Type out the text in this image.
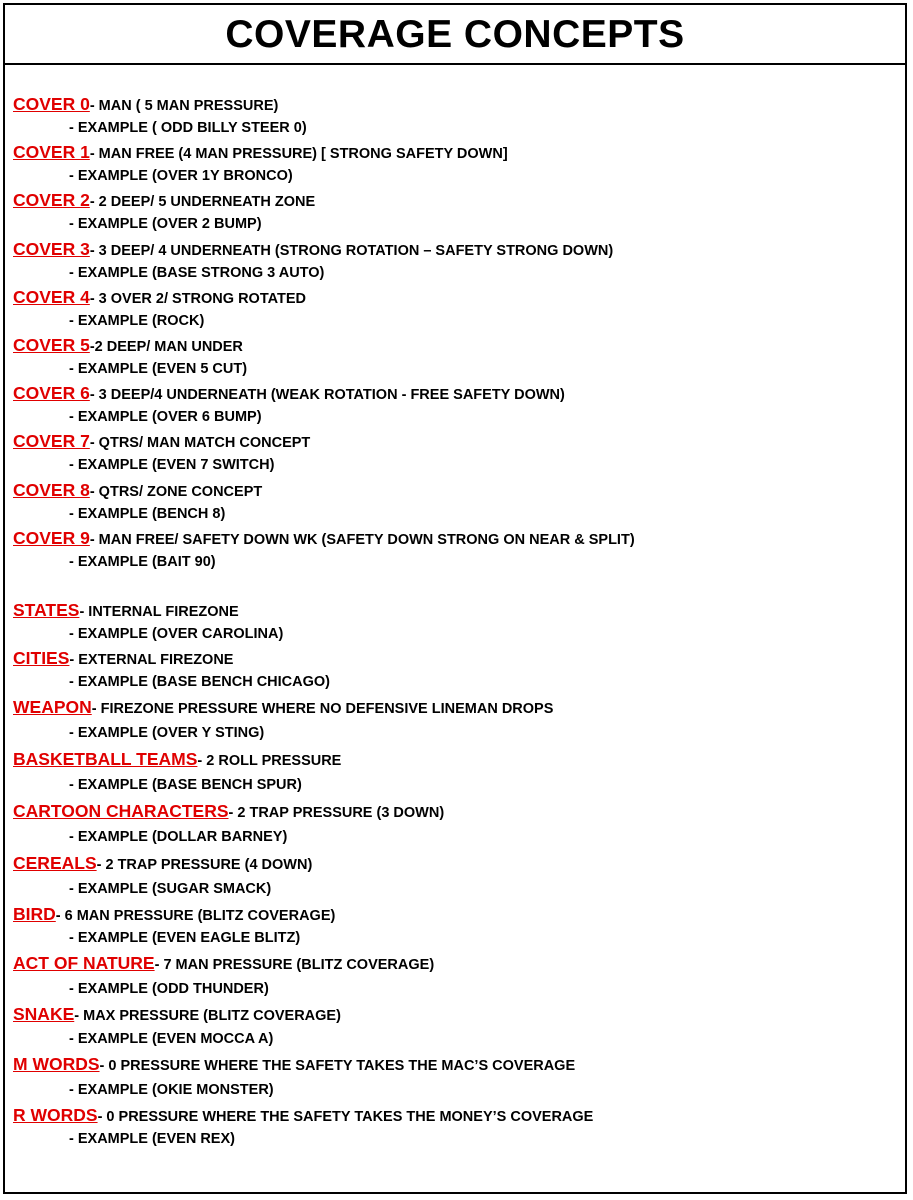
COVERAGE CONCEPTS
COVER 0- MAN ( 5 MAN PRESSURE)
- EXAMPLE ( ODD BILLY STEER 0)
COVER 1- MAN FREE (4 MAN PRESSURE) [ STRONG SAFETY DOWN]
- EXAMPLE (OVER 1Y BRONCO)
COVER 2- 2 DEEP/ 5 UNDERNEATH ZONE
- EXAMPLE (OVER 2 BUMP)
COVER 3- 3 DEEP/ 4 UNDERNEATH (STRONG ROTATION – SAFETY STRONG DOWN)
- EXAMPLE (BASE STRONG 3 AUTO)
COVER 4- 3 OVER 2/ STRONG ROTATED
- EXAMPLE (ROCK)
COVER 5-2 DEEP/ MAN UNDER
- EXAMPLE (EVEN 5 CUT)
COVER 6- 3 DEEP/4 UNDERNEATH (WEAK ROTATION - FREE SAFETY DOWN)
- EXAMPLE (OVER 6 BUMP)
COVER 7- QTRS/ MAN MATCH CONCEPT
- EXAMPLE (EVEN 7 SWITCH)
COVER 8- QTRS/ ZONE CONCEPT
- EXAMPLE (BENCH 8)
COVER 9- MAN FREE/ SAFETY DOWN WK (SAFETY DOWN STRONG ON NEAR & SPLIT)
- EXAMPLE (BAIT 90)
STATES- INTERNAL FIREZONE
- EXAMPLE (OVER CAROLINA)
CITIES- EXTERNAL FIREZONE
- EXAMPLE (BASE BENCH CHICAGO)
WEAPON- FIREZONE PRESSURE WHERE NO DEFENSIVE LINEMAN DROPS
- EXAMPLE (OVER Y STING)
BASKETBALL TEAMS- 2 ROLL PRESSURE
- EXAMPLE (BASE BENCH SPUR)
CARTOON CHARACTERS- 2 TRAP PRESSURE (3 DOWN)
- EXAMPLE (DOLLAR BARNEY)
CEREALS- 2 TRAP PRESSURE (4 DOWN)
- EXAMPLE (SUGAR SMACK)
BIRD- 6 MAN PRESSURE (BLITZ COVERAGE)
- EXAMPLE (EVEN EAGLE BLITZ)
ACT OF NATURE- 7 MAN PRESSURE (BLITZ COVERAGE)
- EXAMPLE (ODD THUNDER)
SNAKE- MAX PRESSURE (BLITZ COVERAGE)
- EXAMPLE (EVEN MOCCA A)
M WORDS- 0 PRESSURE WHERE THE SAFETY TAKES THE MAC’S COVERAGE
- EXAMPLE (OKIE MONSTER)
R WORDS- 0 PRESSURE WHERE THE SAFETY TAKES THE MONEY’S COVERAGE
- EXAMPLE (EVEN REX)
